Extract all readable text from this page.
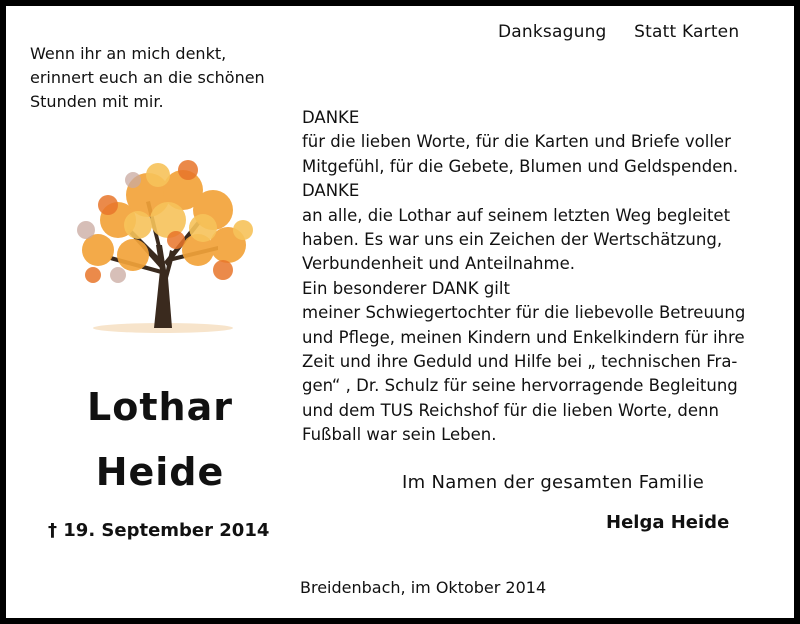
Danksagung Statt Karten
Wenn ihr an mich denkt,
erinnert euch an die schönen
Stunden mit mir.
Lothar
Heide
† 19. September 2014
DANKE
für die lieben Worte, für die Karten und Briefe voller
Mitgefühl, für die Gebete, Blumen und Geldspenden.
DANKE
an alle, die Lothar auf seinem letzten Weg begleitet
haben. Es war uns ein Zeichen der Wertschätzung,
Verbundenheit und Anteilnahme.
Ein besonderer DANK gilt
meiner Schwiegertochter für die liebevolle Betreuung
und Pflege, meinen Kindern und Enkelkindern für ihre
Zeit und ihre Geduld und Hilfe bei „ technischen Fra-
gen“ , Dr. Schulz für seine hervorragende Begleitung
und dem TUS Reichshof für die lieben Worte, denn
Fußball war sein Leben.
Im Namen der gesamten Familie
Helga Heide
Breidenbach, im Oktober 2014
